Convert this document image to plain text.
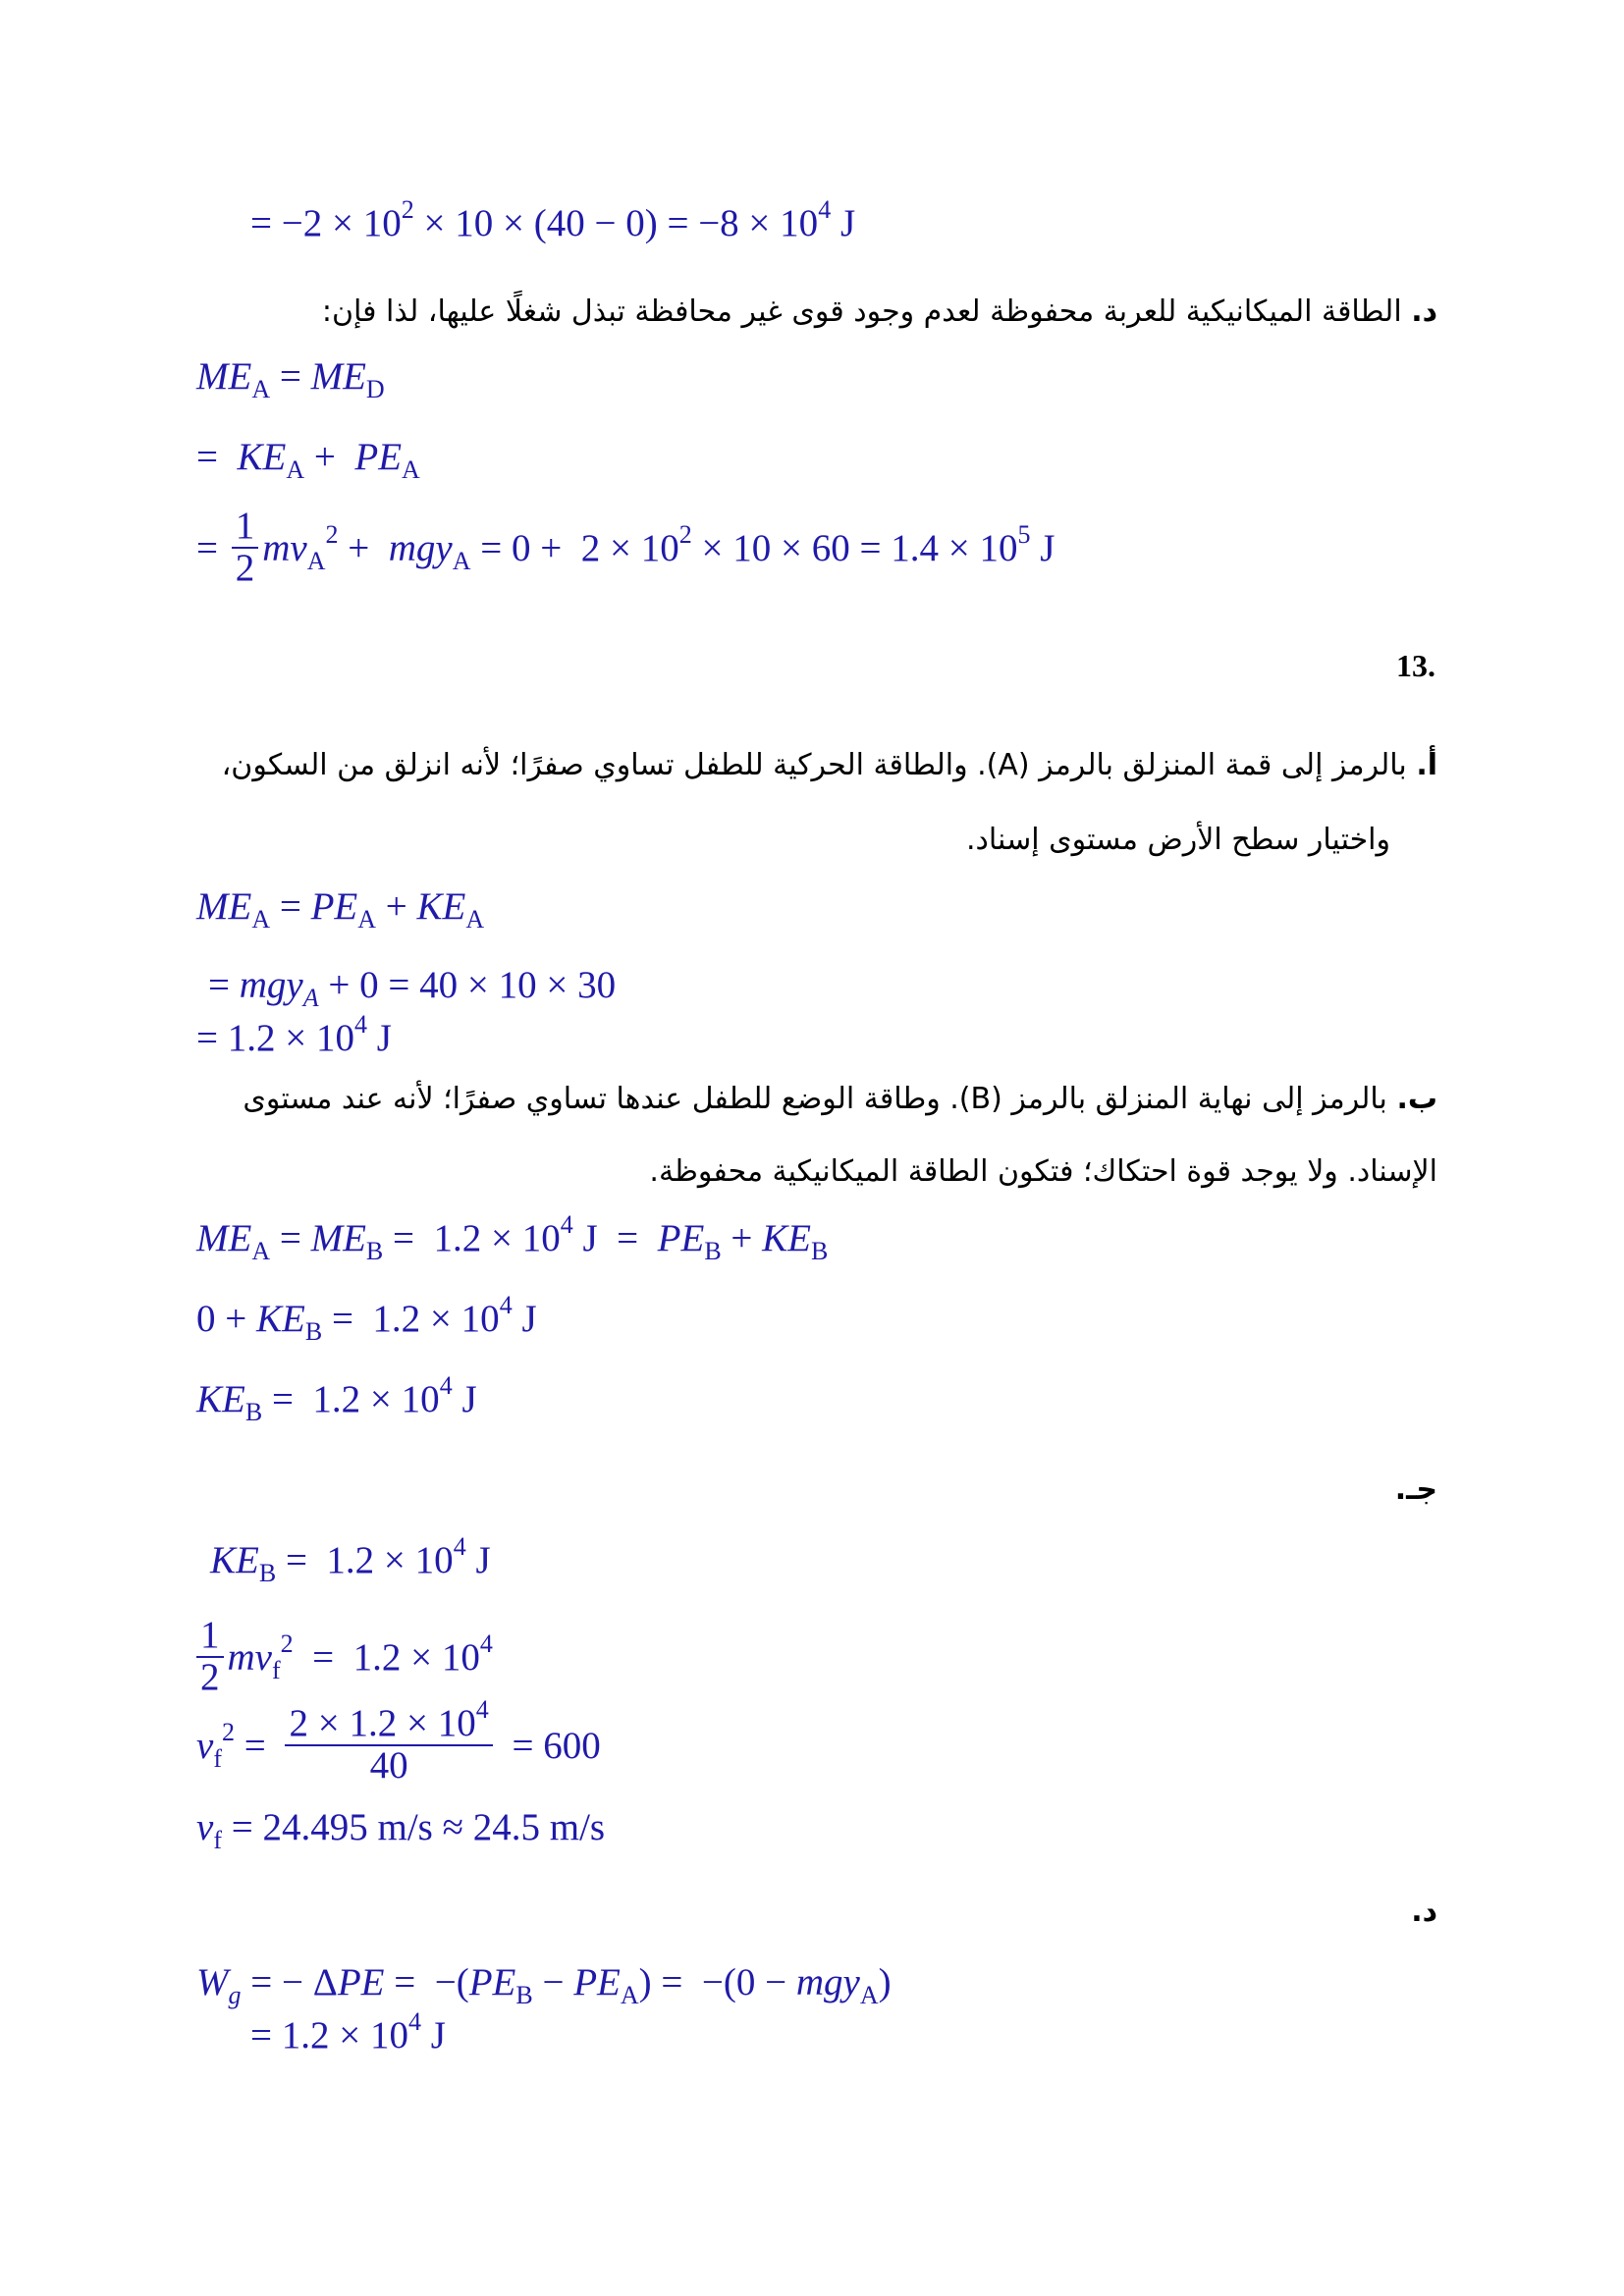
= $-2 \times 10^2 \times 10 \times (40 - 0) = -8 \times 10^4$ J
د. الطاقة الميكانيكية للعربة محفوظة لعدم وجود قوى غير محافظة تبذل شغلًا عليها، لذا فإن:
$ME_A = ME_D$
=  $KE_A + PE_A$
= $\frac{1}{2} mv_A^2 + mgy_A = 0 + 2 \times 10^2 \times 10 \times 60 = 1.4 \times 10^5$ J
13.
أ. بالرمز إلى قمة المنزلق بالرمز (A). والطاقة الحركية للطفل تساوي صفرًا؛ لأنه انزلق من السكون،
واختيار سطح الأرض مستوى إسناد.
$ME_A = PE_A + KE_A$
= mgy$_A$ + 0 = 40 × 10 × 30
= $1.2 \times 10^4$ J
ب. بالرمز إلى نهاية المنزلق بالرمز (B). وطاقة الوضع للطفل عندها تساوي صفرًا؛ لأنه عند مستوى
الإسناد. ولا يوجد قوة احتكاك؛ فتكون الطاقة الميكانيكية محفوظة.
$ME_A = ME_B = 1.2 \times 10^4$ $J = PE_B + KE_B$
$0 + KE_B = 1.2 \times 10^4$ J
$KE_B = 1.2 \times 10^4$ J
جـ.
$KE_B = 1.2 \times 10^4$ J
$\frac{1}{2} mv_f^2 = 1.2 \times 10^4$
$v_f^2 = \frac{2 \times 1.2 \times 10^4}{40} = 600$
$v_f = 24.495$ m/s ≈ 24.5 m/s
د.
$W_g$ = − $\Delta PE = -(PE_B - PE_A) = -(0 - mgy_A)$
= $1.2 \times 10^4$ J
